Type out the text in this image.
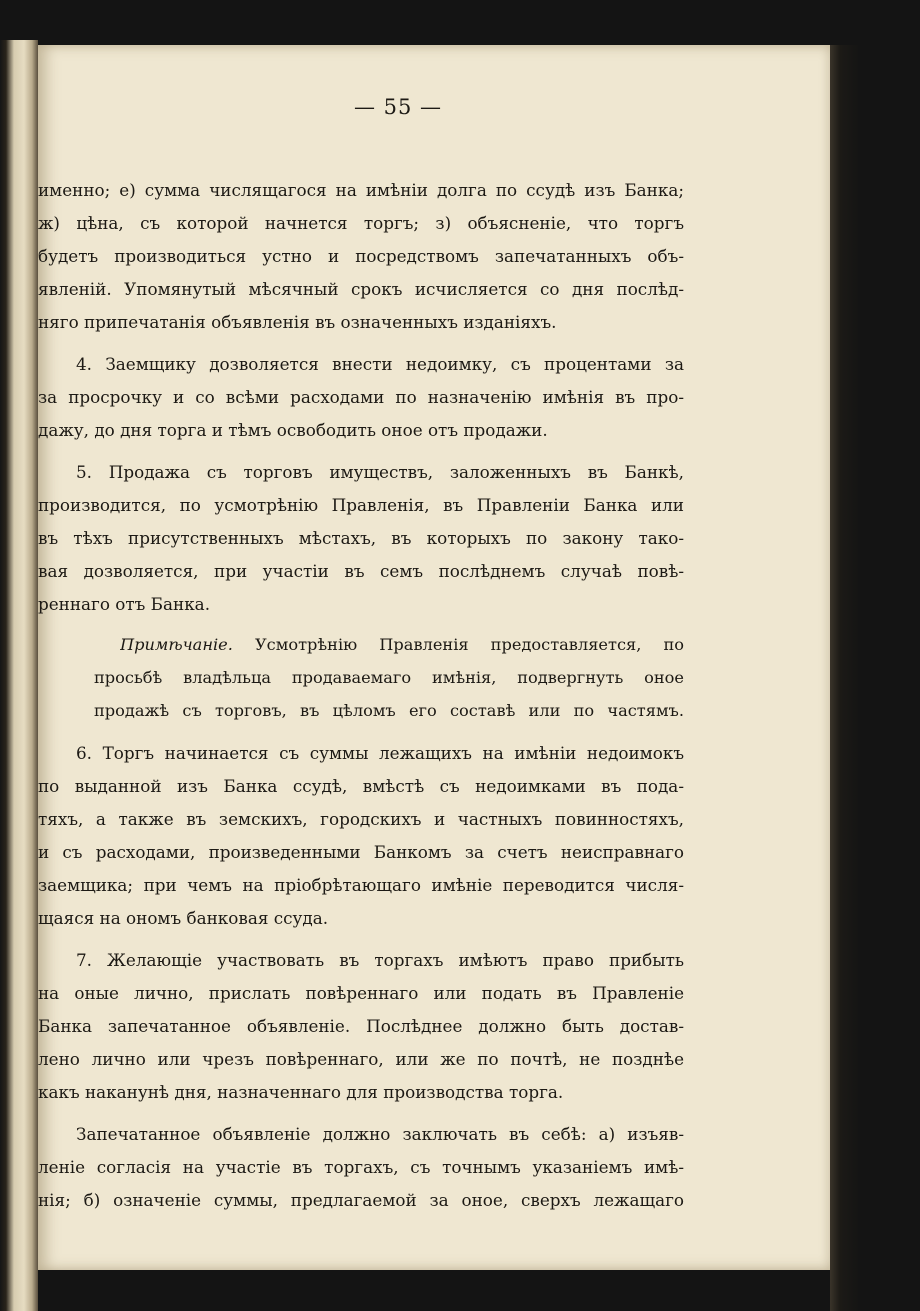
— 55 —
именно; е) сумма числящагося на имѣніи долга по ссудѣ изъ Банка;
ж) цѣна, съ которой начнется торгъ; з) объясненіе, что торгъ
будетъ производиться устно и посредствомъ запечатанныхъ объ-
явленій. Упомянутый мѣсячный срокъ исчисляется со дня послѣд-
няго припечатанія объявленія въ означенныхъ изданіяхъ.
4. Заемщику дозволяется внести недоимку, съ процентами за
за просрочку и со всѣми расходами по назначенію имѣнія въ про-
дажу, до дня торга и тѣмъ освободить оное отъ продажи.
5. Продажа съ торговъ имуществъ, заложенныхъ въ Банкѣ,
производится, по усмотрѣнію Правленія, въ Правленіи Банка или
въ тѣхъ присутственныхъ мѣстахъ, въ которыхъ по закону тако-
вая дозволяется, при участіи въ семъ послѣднемъ случаѣ повѣ-
реннаго отъ Банка.
Примѣчаніе. Усмотрѣнію Правленія предоставляется, по
просьбѣ владѣльца продаваемаго имѣнія, подвергнуть оное
продажѣ съ торговъ, въ цѣломъ его составѣ или по частямъ.
6. Торгъ начинается съ суммы лежащихъ на имѣніи недоимокъ
по выданной изъ Банка ссудѣ, вмѣстѣ съ недоимками въ пода-
тяхъ, а также въ земскихъ, городскихъ и частныхъ повинностяхъ,
и съ расходами, произведенными Банкомъ за счетъ неисправнаго
заемщика; при чемъ на пріобрѣтающаго имѣніе переводится числя-
щаяся на ономъ банковая ссуда.
7. Желающіе участвовать въ торгахъ имѣютъ право прибыть
на оные лично, прислать повѣреннаго или подать въ Правленіе
Банка запечатанное объявленіе. Послѣднее должно быть достав-
лено лично или чрезъ повѣреннаго, или же по почтѣ, не позднѣе
какъ наканунѣ дня, назначеннаго для производства торга.
Запечатанное объявленіе должно заключать въ себѣ: а) изъяв-
леніе согласія на участіе въ торгахъ, съ точнымъ указаніемъ имѣ-
нія; б) означеніе суммы, предлагаемой за оное, сверхъ лежащаго
